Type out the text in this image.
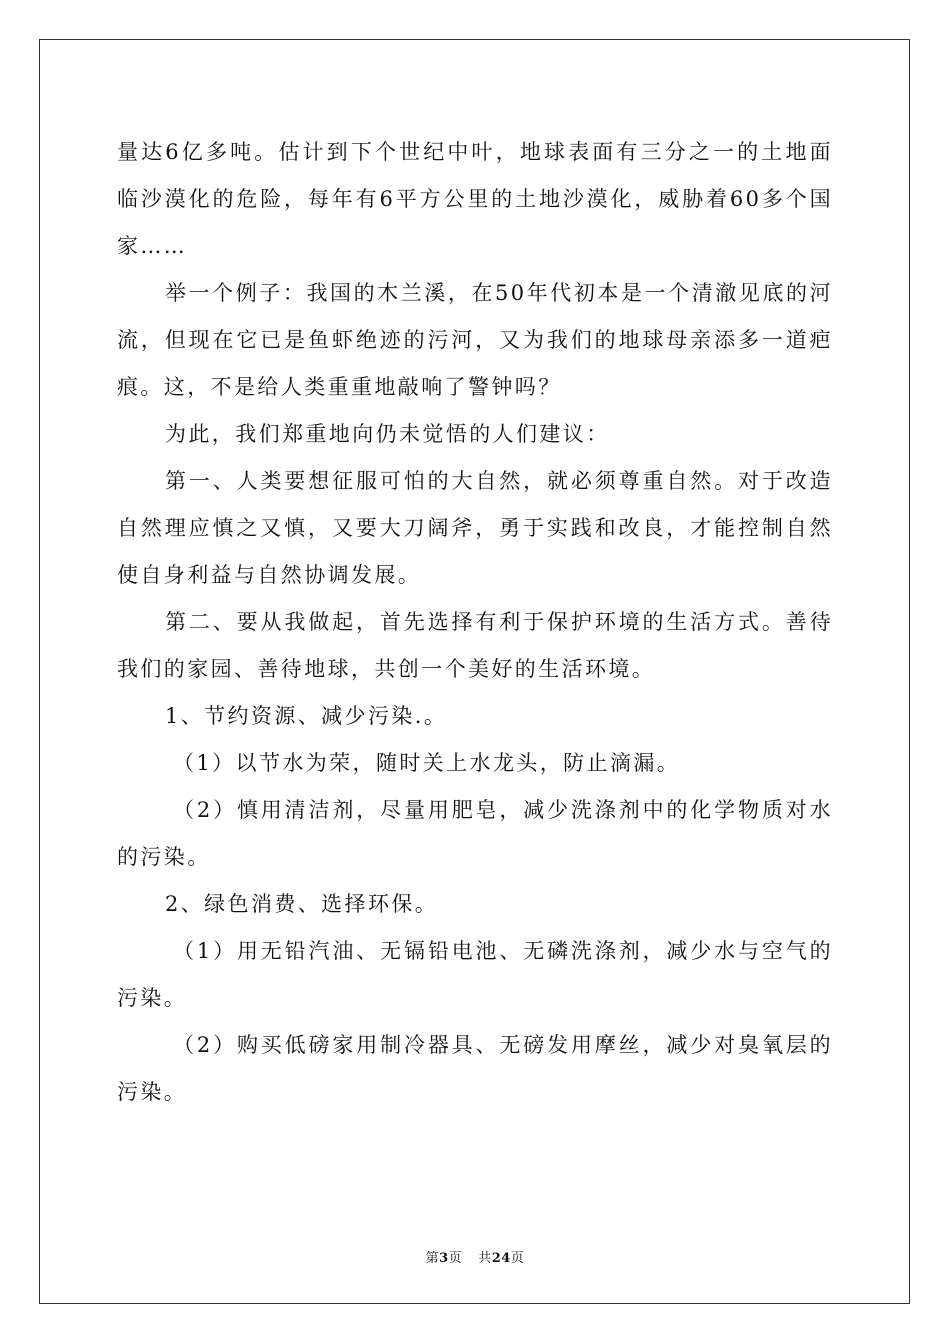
量达6亿多吨。估计到下个世纪中叶，地球表面有三分之一的土地面临沙漠化的危险，每年有6平方公里的土地沙漠化，威胁着60多个国家……

举一个例子：我国的木兰溪，在50年代初本是一个清澈见底的河流，但现在它已是鱼虾绝迹的污河，又为我们的地球母亲添多一道疤痕。这，不是给人类重重地敲响了警钟吗？

为此，我们郑重地向仍未觉悟的人们建议：

第一、人类要想征服可怕的大自然，就必须尊重自然。对于改造自然理应慎之又慎，又要大刀阔斧，勇于实践和改良，才能控制自然使自身利益与自然协调发展。

第二、要从我做起，首先选择有利于保护环境的生活方式。善待我们的家园、善待地球，共创一个美好的生活环境。

1、节约资源、减少污染.。

（1）以节水为荣，随时关上水龙头，防止滴漏。

（2）慎用清洁剂，尽量用肥皂，减少洗涤剂中的化学物质对水的污染。

2、绿色消费、选择环保。

（1）用无铅汽油、无镉铅电池、无磷洗涤剂，减少水与空气的污染。

（2）购买低磅家用制冷器具、无磅发用摩丝，减少对臭氧层的污染。

第3页 共24页
